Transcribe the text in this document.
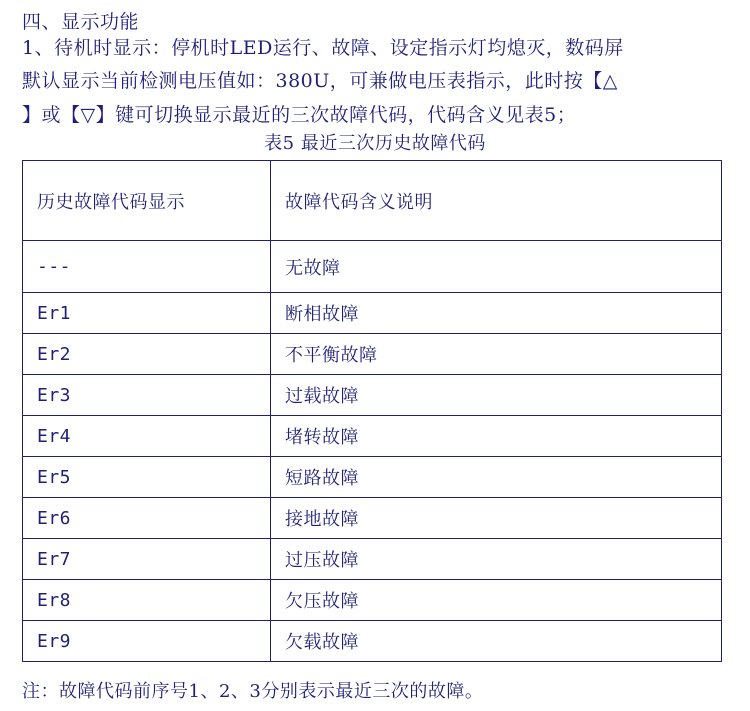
四、显示功能
1、待机时显示：停机时LED运行、故障、设定指示灯均熄灭，数码屏
默认显示当前检测电压值如：380U，可兼做电压表指示，此时按【△
】或【▽】键可切换显示最近的三次故障代码，代码含义见表5；
表5 最近三次历史故障代码
历史故障代码显示	故障代码含义说明
---	无故障
Er1	断相故障
Er2	不平衡故障
Er3	过载故障
Er4	堵转故障
Er5	短路故障
Er6	接地故障
Er7	过压故障
Er8	欠压故障
Er9	欠载故障
注：故障代码前序号1、2、3分别表示最近三次的故障。
